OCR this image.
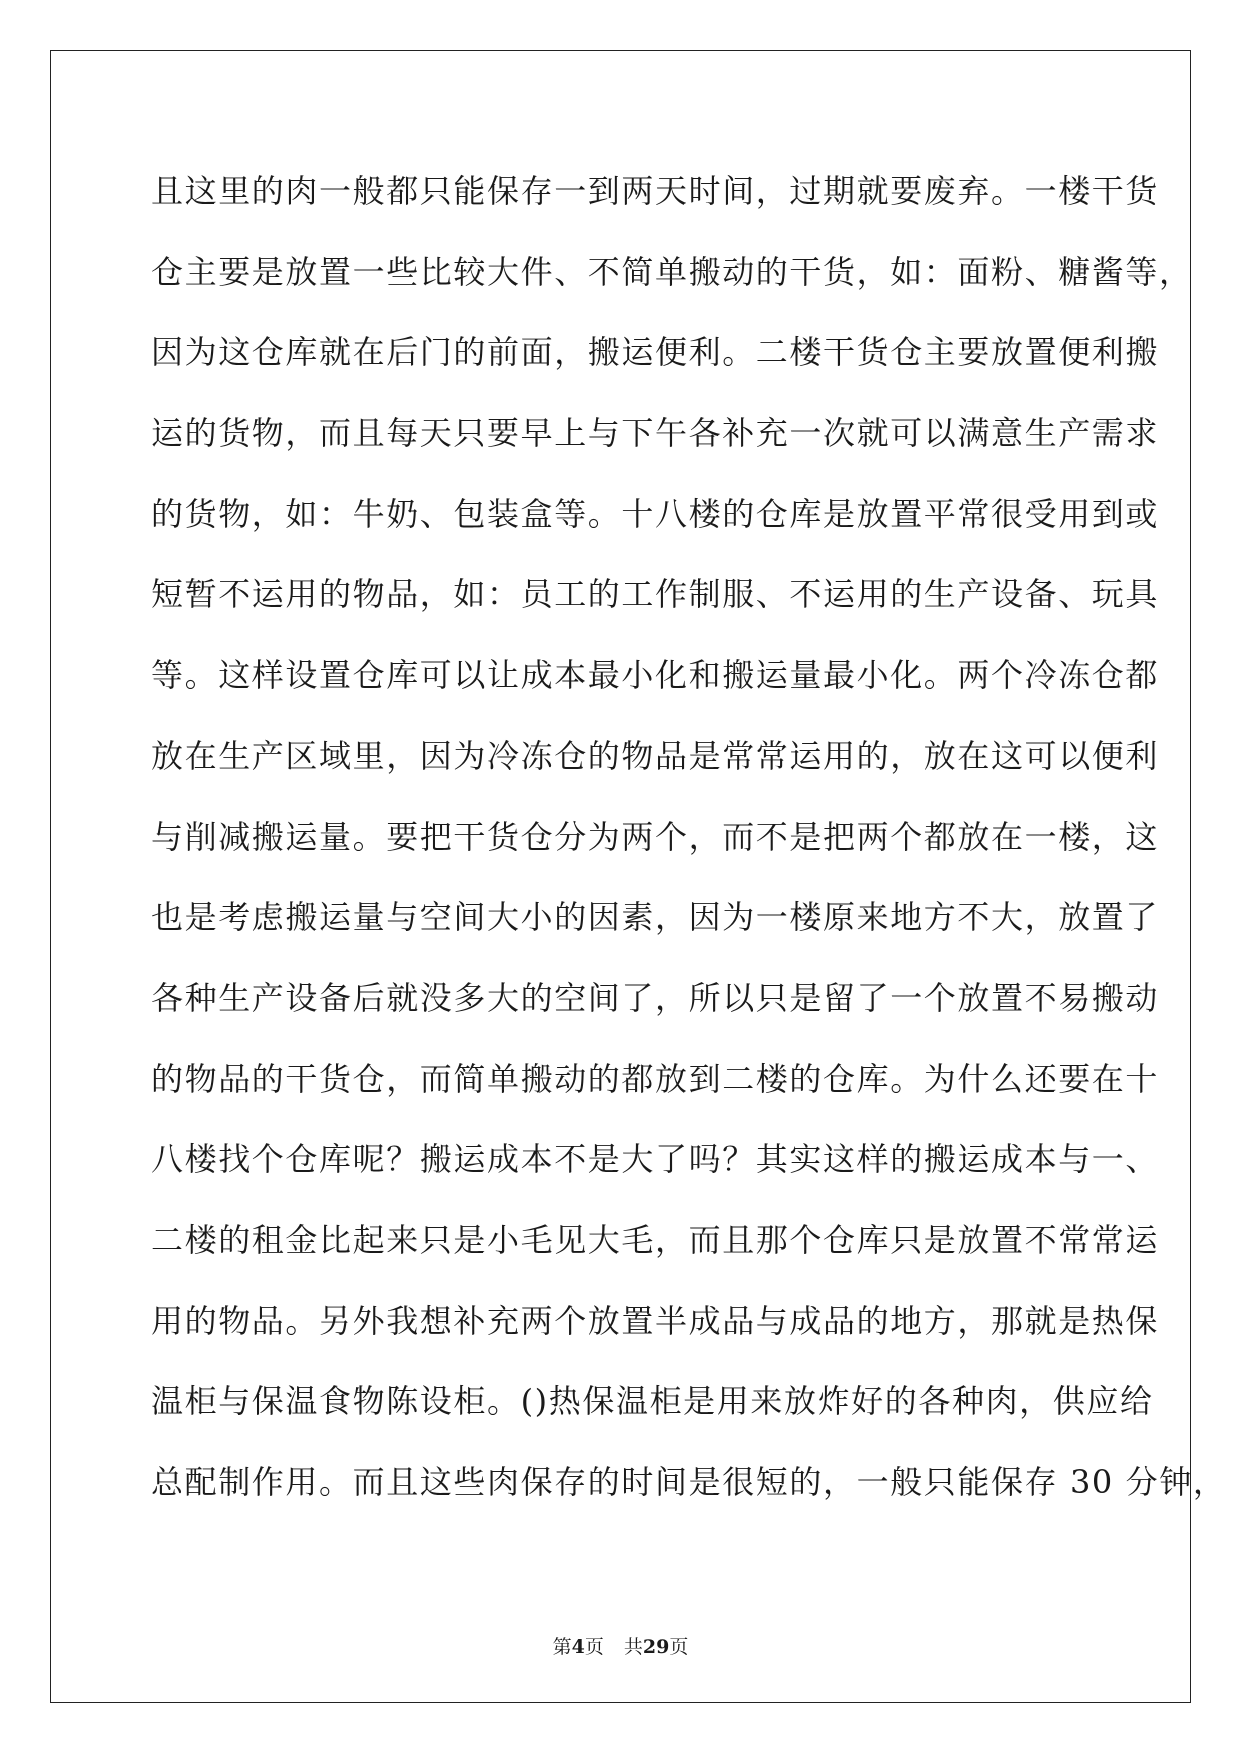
且这里的肉一般都只能保存一到两天时间，过期就要废弃。一楼干货
仓主要是放置一些比较大件、不简单搬动的干货，如：面粉、糖酱等，
因为这仓库就在后门的前面，搬运便利。二楼干货仓主要放置便利搬
运的货物，而且每天只要早上与下午各补充一次就可以满意生产需求
的货物，如：牛奶、包装盒等。十八楼的仓库是放置平常很受用到或
短暂不运用的物品，如：员工的工作制服、不运用的生产设备、玩具
等。这样设置仓库可以让成本最小化和搬运量最小化。两个冷冻仓都
放在生产区域里，因为冷冻仓的物品是常常运用的，放在这可以便利
与削减搬运量。要把干货仓分为两个，而不是把两个都放在一楼，这
也是考虑搬运量与空间大小的因素，因为一楼原来地方不大，放置了
各种生产设备后就没多大的空间了，所以只是留了一个放置不易搬动
的物品的干货仓，而简单搬动的都放到二楼的仓库。为什么还要在十
八楼找个仓库呢？搬运成本不是大了吗？其实这样的搬运成本与一、
二楼的租金比起来只是小毛见大毛，而且那个仓库只是放置不常常运
用的物品。另外我想补充两个放置半成品与成品的地方，那就是热保
温柜与保温食物陈设柜。()热保温柜是用来放炸好的各种肉，供应给
总配制作用。而且这些肉保存的时间是很短的，一般只能保存 30 分钟，
第4页 共29页
